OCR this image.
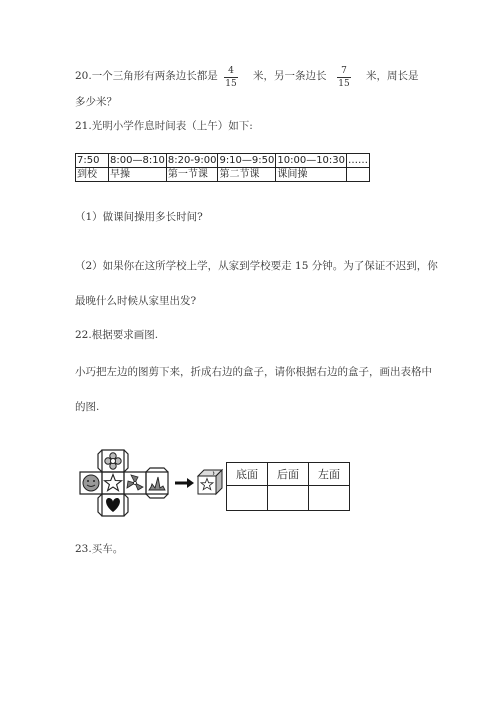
20.一个三角形有两条边长都是	4
15
米，另一条边长	7
15
米，周长是
多少米？
21.光明小学作息时间表（上午）如下:
7:50	8:00—8:10	8:20-9:00	9:10—9:50	10:00—10:30	……
到校	早操	第一节课	第二节课	课间操	
（1）做课间操用多长时间?
（2）如果你在这所学校上学，从家到学校要走 15 分钟。为了保证不迟到，你
最晚什么时候从家里出发?
22.根据要求画图.
小巧把左边的图剪下来，折成右边的盒子，请你根据右边的盒子，画出表格中
的图.
底面	后面	左面

23.买车。
